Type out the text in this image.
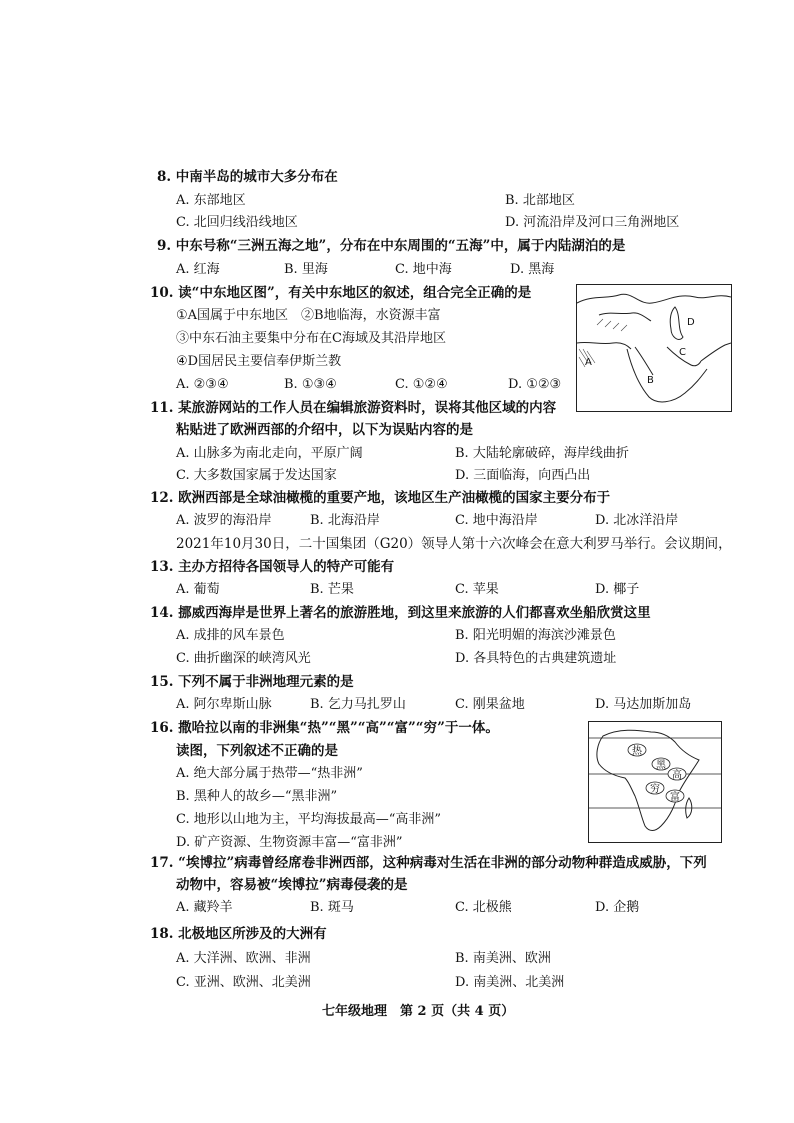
8. 中南半岛的城市大多分布在
A. 东部地区	B. 北部地区
C. 北回归线沿线地区	D. 河流沿岸及河口三角洲地区
9. 中东号称“三洲五海之地”，分布在中东周围的“五海”中，属于内陆湖泊的是
A. 红海	B. 里海	C. 地中海	D. 黑海
10. 读“中东地区图”，有关中东地区的叙述，组合完全正确的是
①A国属于中东地区　②B地临海，水资源丰富
③中东石油主要集中分布在C海域及其沿岸地区
④D国居民主要信奉伊斯兰教
A. ②③④	B. ①③④	C. ①②④	D. ①②③
A
B
C
D
11. 某旅游网站的工作人员在编辑旅游资料时，误将其他区域的内容
粘贴进了欧洲西部的介绍中，以下为误贴内容的是
A. 山脉多为南北走向，平原广阔	B. 大陆轮廓破碎，海岸线曲折
C. 大多数国家属于发达国家	D. 三面临海，向西凸出
12. 欧洲西部是全球油橄榄的重要产地，该地区生产油橄榄的国家主要分布于
A. 波罗的海沿岸	B. 北海沿岸	C. 地中海沿岸	D. 北冰洋沿岸
2021年10月30日，二十国集团（G20）领导人第十六次峰会在意大利罗马举行。会议期间，
13. 主办方招待各国领导人的特产可能有
A. 葡萄	B. 芒果	C. 苹果	D. 椰子
14. 挪威西海岸是世界上著名的旅游胜地，到这里来旅游的人们都喜欢坐船欣赏这里
A. 成排的风车景色	B. 阳光明媚的海滨沙滩景色
C. 曲折幽深的峡湾风光	D. 各具特色的古典建筑遗址
15. 下列不属于非洲地理元素的是
A. 阿尔卑斯山脉	B. 乞力马扎罗山	C. 刚果盆地	D. 马达加斯加岛
16. 撒哈拉以南的非洲集“热”“黑”“高”“富”“穷”于一体。
读图，下列叙述不正确的是
A. 绝大部分属于热带—“热非洲”
B. 黑种人的故乡—“黑非洲”
C. 地形以山地为主，平均海拔最高—“高非洲”
D. 矿产资源、生物资源丰富—“富非洲”
热
黑
高
穷
富
17. “埃博拉”病毒曾经席卷非洲西部，这种病毒对生活在非洲的部分动物种群造成威胁，下列
动物中，容易被“埃博拉”病毒侵袭的是
A. 藏羚羊	B. 斑马	C. 北极熊	D. 企鹅
18. 北极地区所涉及的大洲有
A. 大洋洲、欧洲、非洲	B. 南美洲、欧洲
C. 亚洲、欧洲、北美洲	D. 南美洲、北美洲
七年级地理　第 2 页（共 4 页）
